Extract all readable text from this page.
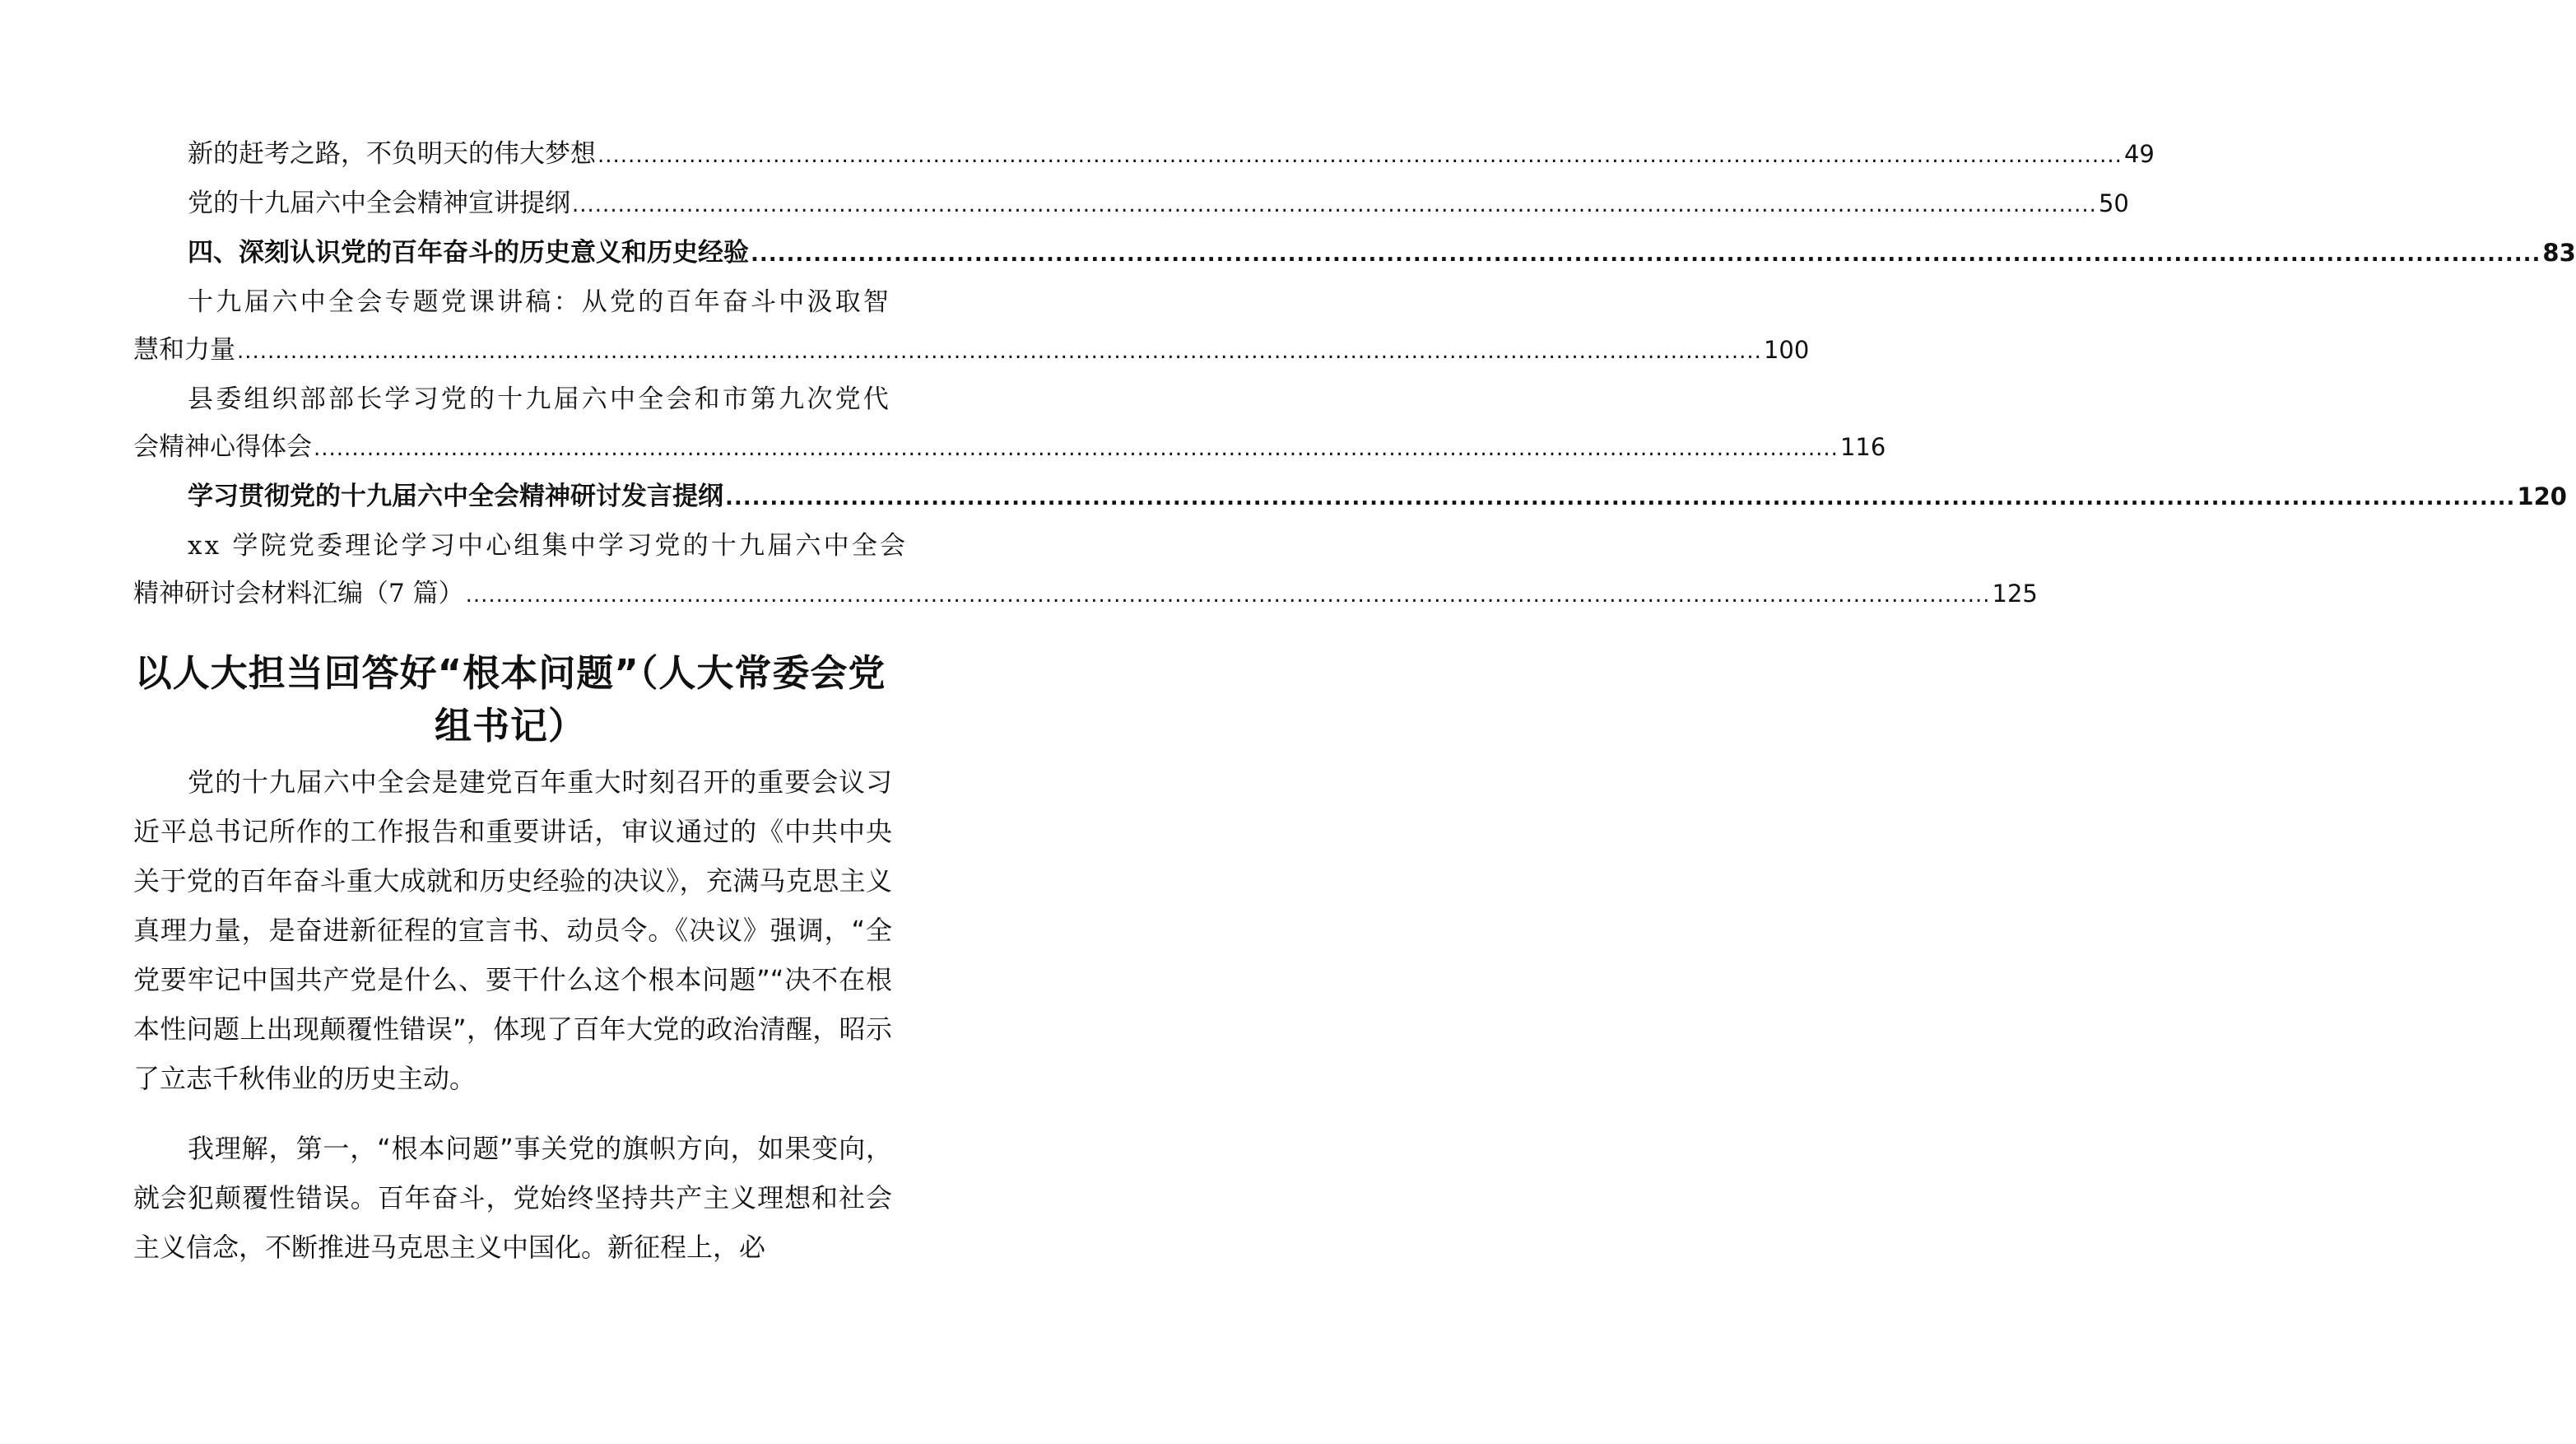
新的赶考之路，不负明天的伟大梦想 ........................................................................................................................................................................................................ 49
党的十九届六中全会精神宣讲提纲 ........................................................................................................................................................................................................ 50
四、深刻认识党的百年奋斗的历史意义和历史经验 ........................................................................................................................................................................................................ 83
十九届六中全会专题党课讲稿：从党的百年奋斗中汲取智
慧和力量 ........................................................................................................................................................................................................ 100
县委组织部部长学习党的十九届六中全会和市第九次党代
会精神心得体会 ........................................................................................................................................................................................................ 116
学习贯彻党的十九届六中全会精神研讨发言提纲 ........................................................................................................................................................................................................ 120
xx 学院党委理论学习中心组集中学习党的十九届六中全会
精神研讨会材料汇编（7 篇） ........................................................................................................................................................................................................ 125
以人大担当回答好“根本问题”（人大常委会党组书记）

党的十九届六中全会是建党百年重大时刻召开的重要会议习近平总书记所作的工作报告和重要讲话，审议通过的《中共中央关于党的百年奋斗重大成就和历史经验的决议》，充满马克思主义真理力量，是奋进新征程的宣言书、动员令。《决议》强调，“全党要牢记中国共产党是什么、要干什么这个根本问题”“决不在根本性问题上出现颠覆性错误”，体现了百年大党的政治清醒，昭示了立志千秋伟业的历史主动。

我理解，第一，“根本问题”事关党的旗帜方向，如果变向，就会犯颠覆性错误。百年奋斗，党始终坚持共产主义理想和社会主义信念，不断推进马克思主义中国化。新征程上，必
